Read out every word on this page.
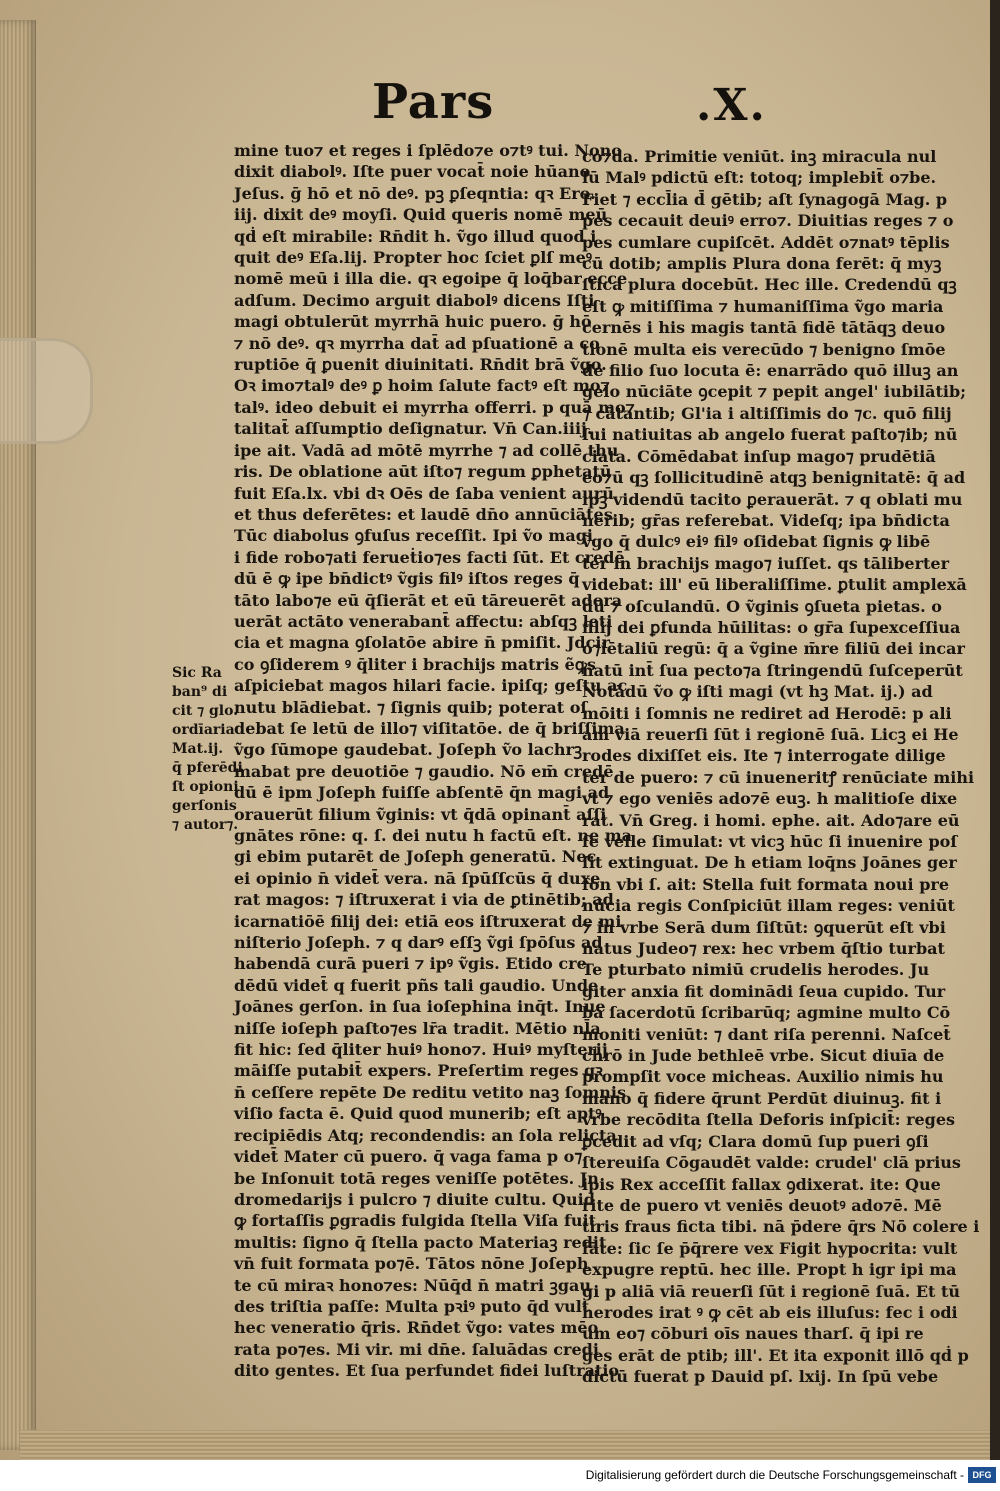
Pars	.X.
Sic Ra
ban⁹ di
cit ⁊ glo.
ordīaria
Mat.ij.
q̄ pferēdi
ſt opioni
gerſonis
⁊ autor⁊.
mine tuo⁊ et reges i ſplēdo⁊e o⁊tꝰ tui. Nono
dixit diabolꝰ. Iſte puer vocat̄ noie hūano
Jeſus. ḡ hō et nō deꝰ. pꝫ ꝑſeqntia: qꝛ Ero.
iij. dixit deꝰ moyſi. Quid queris nomē meū
qḋ eſt mirabile: Rn̄dit h. ṽgo illud quod i
quit deꝰ Eſa.lij. Propter hoc ſciet ꝑlſ meꝰ
nomē meū i illa die. qꝛ egoipe q̄ loq̄bar ecce
adſum. Decimo arguit diabolꝰ dicens Iſti
magi obtulerūt myrrhā huic puero. ḡ hō
⁊ nō deꝰ. qꝛ myrrha dat̄ ad pſuationē a co
ruptiōe q̄ ꝑuenit diuinitati. Rn̄dit brā ṽgo.
Oꝛ imo⁊talꝰ deꝰ ꝑ hoim ſalute factꝰ eſt mo⁊
talꝰ. ideo debuit ei myrrha offerri. p quā mo⁊
talitat̄ aſſumptio deſignatur. Vn̄ Can.iiij.
ipe ait. Vadā ad mōtē myrrhe ⁊ ad collē thu
ris. De oblatione aūt iſto⁊ regum ꝑphetatū
fuit Eſa.lx. vbi dꝛ Oēs de ſaba venient aurū
et thus deferētes: et laudē dn̄o annūciātes
Tūc diabolus ꝯfuſus receſſit. Ipi ṽo magi
i fide robo⁊ati ferueṫio⁊es facti ſūt. Et credē
dū ē ꝙ ipe bn̄dictꝰ ṽgis filꝰ iſtos reges q̄
tāto labo⁊e eū q̄ſierāt et eū tāreuerēt adora
uerāt actāto venerabant̄ affectu: abſqꝫ leti
cia et magna ꝯſolatōe abire n̄ pmiſit. Jdcir
co ꝯſiderem ꝰ q̄liter i brachijs matris ẽꝙs
aſpiciebat magos hilari facie. ipiſq; geſtu ac
nutu blādiebat. ⁊ ſignis quib; poterat oſ
debat ſe letū de illo⁊ viſitatōe. de q̄ briſſima
ṽgo ſūmope gaudebat. Joſeph ṽo lachrꝫ
mabat pre deuotiōe ⁊ gaudio. Nō em̄ credē
dū ē ipm Joſeph fuiſſe abſentē q̄n magi ad
orauerūt filium ṽginis: vt q̄dā opinant̄ aſſi
gnātes rōne: q. ſ. dei nutu h factū eſt. ne ma
gi ebim putarēt de Joſeph generatū. Nec
ei opinio n̄ videt̄ vera. nā ſpūſſcūs q̄ duxe
rat magos: ⁊ iſtruxerat i via de ꝑtinētib; ad
icarnatiōē filij dei: etiā eos iſtruxerat de mi
niſterio Joſeph. ⁊ q darꝰ eſſꝫ ṽgi ſpōſus ad
habendā curā pueri ⁊ ipꝰ ṽgis. Etido cre
dēdū videt̄ q fuerit pñs tali gaudio. Unde
Joānes gerſon. in ſua ioſephina inq̄t. Inue
niſſe ioſeph paſto⁊es lr̄a tradit. Mētio nl̄a
fit hic: ſed q̄liter huiꝰ hono⁊. Huiꝰ myſterij
māiſſe putabit̄ expers. Preſertim reges qꝛ
n̄ ceſſere repēte De reditu vetito naꝫ ſomnis
viſio facta ē. Quid quod munerib; eſt aptꝰ
recipiēdis Atq; recondendis: an ſola relicta
videt̄ Mater cū puero. q̄ vaga fama p o⁊
be Inſonuit totā reges veniſſe potētes. Jn
dromedarijs i pulcro ⁊ diuite cultu. Quid
ꝙ fortaſſis ꝑgradis fulgida ſtella Viſa fuit
multis: ſigno q̄ ſtella pacto Materiaꝫ redit
vn̄ fuit formata po⁊ē. Tātos nōne Joſeph
te cū miraꝛ hono⁊es: Nūq̄d n̄ matri ꝫgau
des triſtia paſſe: Multa pꝛiꝰ puto q̄d vult
hec veneratio q̄ris. Rn̄det ṽgo: vates mēo
rata po⁊es. Mi vir. mi dn̄e. ſaluādas credi
dito gentes. Et ſua perfundet fidei luſtratio
co⁊da. Primitie veniūt. inꝫ miracula nul
lū Malꝰ pdictū eſt: totoq; implebit̄ o⁊be.
Fiet ⁊ eccl̄ia d̄ gētib; aſt ſynagogā Mag. p
pes cecauit deuiꝰ erro⁊. Diuitias reges ⁊ o
pes cumlare cupiſcēt. Addēt o⁊natꝰ tēplis
cū dotib; amplis Plura dona ferēt: q̄ myꝫ
ſtica plura docebūt. Hec ille. Credendū qꝫ
eſt ꝙ mitiſſima ⁊ humaniſſima ṽgo maria
cernēs i his magis tantā fidē tātāqꝫ deuo
tionē multa eis verecūdo ⁊ benigno ſmōe
de filio ſuo locuta ē: enarrādo quō illuꝫ an
gelo nūciāte ꝯcepit ⁊ pepit angel' iubilātib;
⁊ cātantib; Gl'ia i altiſſimis do ⁊c. quō filij
ſui natiuitas ab angelo fuerat paſto⁊ib; nū
ciata. Cōmēdabat inſup mago⁊ prudētiā
eo⁊ū qꝫ ſollicitudinē atqꝫ benignitatē: q̄ ad
ipꝫ videndū tacito ꝑerauerāt. ⁊ q oblati mu
nerib; gr̄as referebat. Videſq; ipa bn̄dicta
ṽgo q̄ dulcꝰ eiꝰ filꝰ oſidebat ſignis ꝙ libē
ter in brachijs mago⁊ iuſſet. qs tāliberter
videbat: ill' eū liberaliſſime. ꝑtulit amplexā
dū ⁊ oſculandū. O ṽginis ꝯſueta pietas. o
filij dei ꝑfunda hūilitas: o gr̄a ſupexceſſiua
o⁊iētaliū regū: q̄ a ṽgine m̄re filiū dei incar
natū int̄ ſua pecto⁊a ſtringendū ſuſceperūt
Notādū ṽo ꝙ iſti magi (vt hꝫ Mat. ij.) ad
mōiti i ſomnis ne rediret ad Herodē: p ali
am viā reuerſi ſūt i regionē ſuā. Licꝫ ei He
rodes dixiſſet eis. Ite ⁊ interrogate dilige
ter de puero: ⁊ cū inueneritꝭ renūciate mihi
vt ⁊ ego veniēs ado⁊ē euꝫ. h malitioſe dixe
rat. Vn̄ Greg. i homi. ephe. ait. Ado⁊are eū
ſe velle ſimulat: vt vicꝫ hūc ſi inuenire poſ
ſit extinguat. De h etiam loq̄ns Joānes ger
ſon vbi ſ. ait: Stella fuit formata noui pre
nūcia regis Conſpiciūt illam reges: veniūt
⁊ in vrbe Serā dum ſiſtūt: ꝯquerūt eſt vbi
natus Judeo⁊ rex: hec vrbem q̄ſtio turbat
Te pturbato nimiū crudelis herodes. Ju
giter anxia fit dominādi ſeua cupido. Tur
ba ſacerdotū ſcribarūq; agmine multo Cō
moniti veniūt: ⁊ dant riſa perenni. Naſcet̄
chrō in Jude bethleē vrbe. Sicut diuīa de
prompſit voce micheas. Auxilio nimis hu
mano q̄ fidere q̄runt Perdūt diuinuꝫ. fit i
vrbe recōdita ſtella Deforis inſpicit̄: reges
ꝑcedit ad vſq; Clara domū ſup pueri ꝯſi
ſtereuiſa Cōgaudēt valde: crudel' clā prius
ipis Rex acceſſit fallax ꝯdixerat. ite: Que
rite de puero vt veniēs deuotꝰ ado⁊ē. Mē
tiris fraus ficta tibi. nā p̄dere q̄rs Nō colere i
fāte: ſic ſe p̄q̄rere vex Figit hypocrita: vult
expugre reptū. hec ille. Propt h igr ipi ma
gi p aliā viā reuerſi ſūt i regionē ſuā. Et tū
herodes irat ꝰ ꝙ cēt ab eis illuſus: fec i odi
um eo⁊ cōburi oīs naues tharſ. q̄ ipi re
ges erāt de ptib; ill'. Et ita exponit illō qḋ p
dictū fuerat p Dauid pſ. lxij. In ſpū vebe
Digitalisierung gefördert durch die Deutsche Forschungsgemeinschaft - DFG
